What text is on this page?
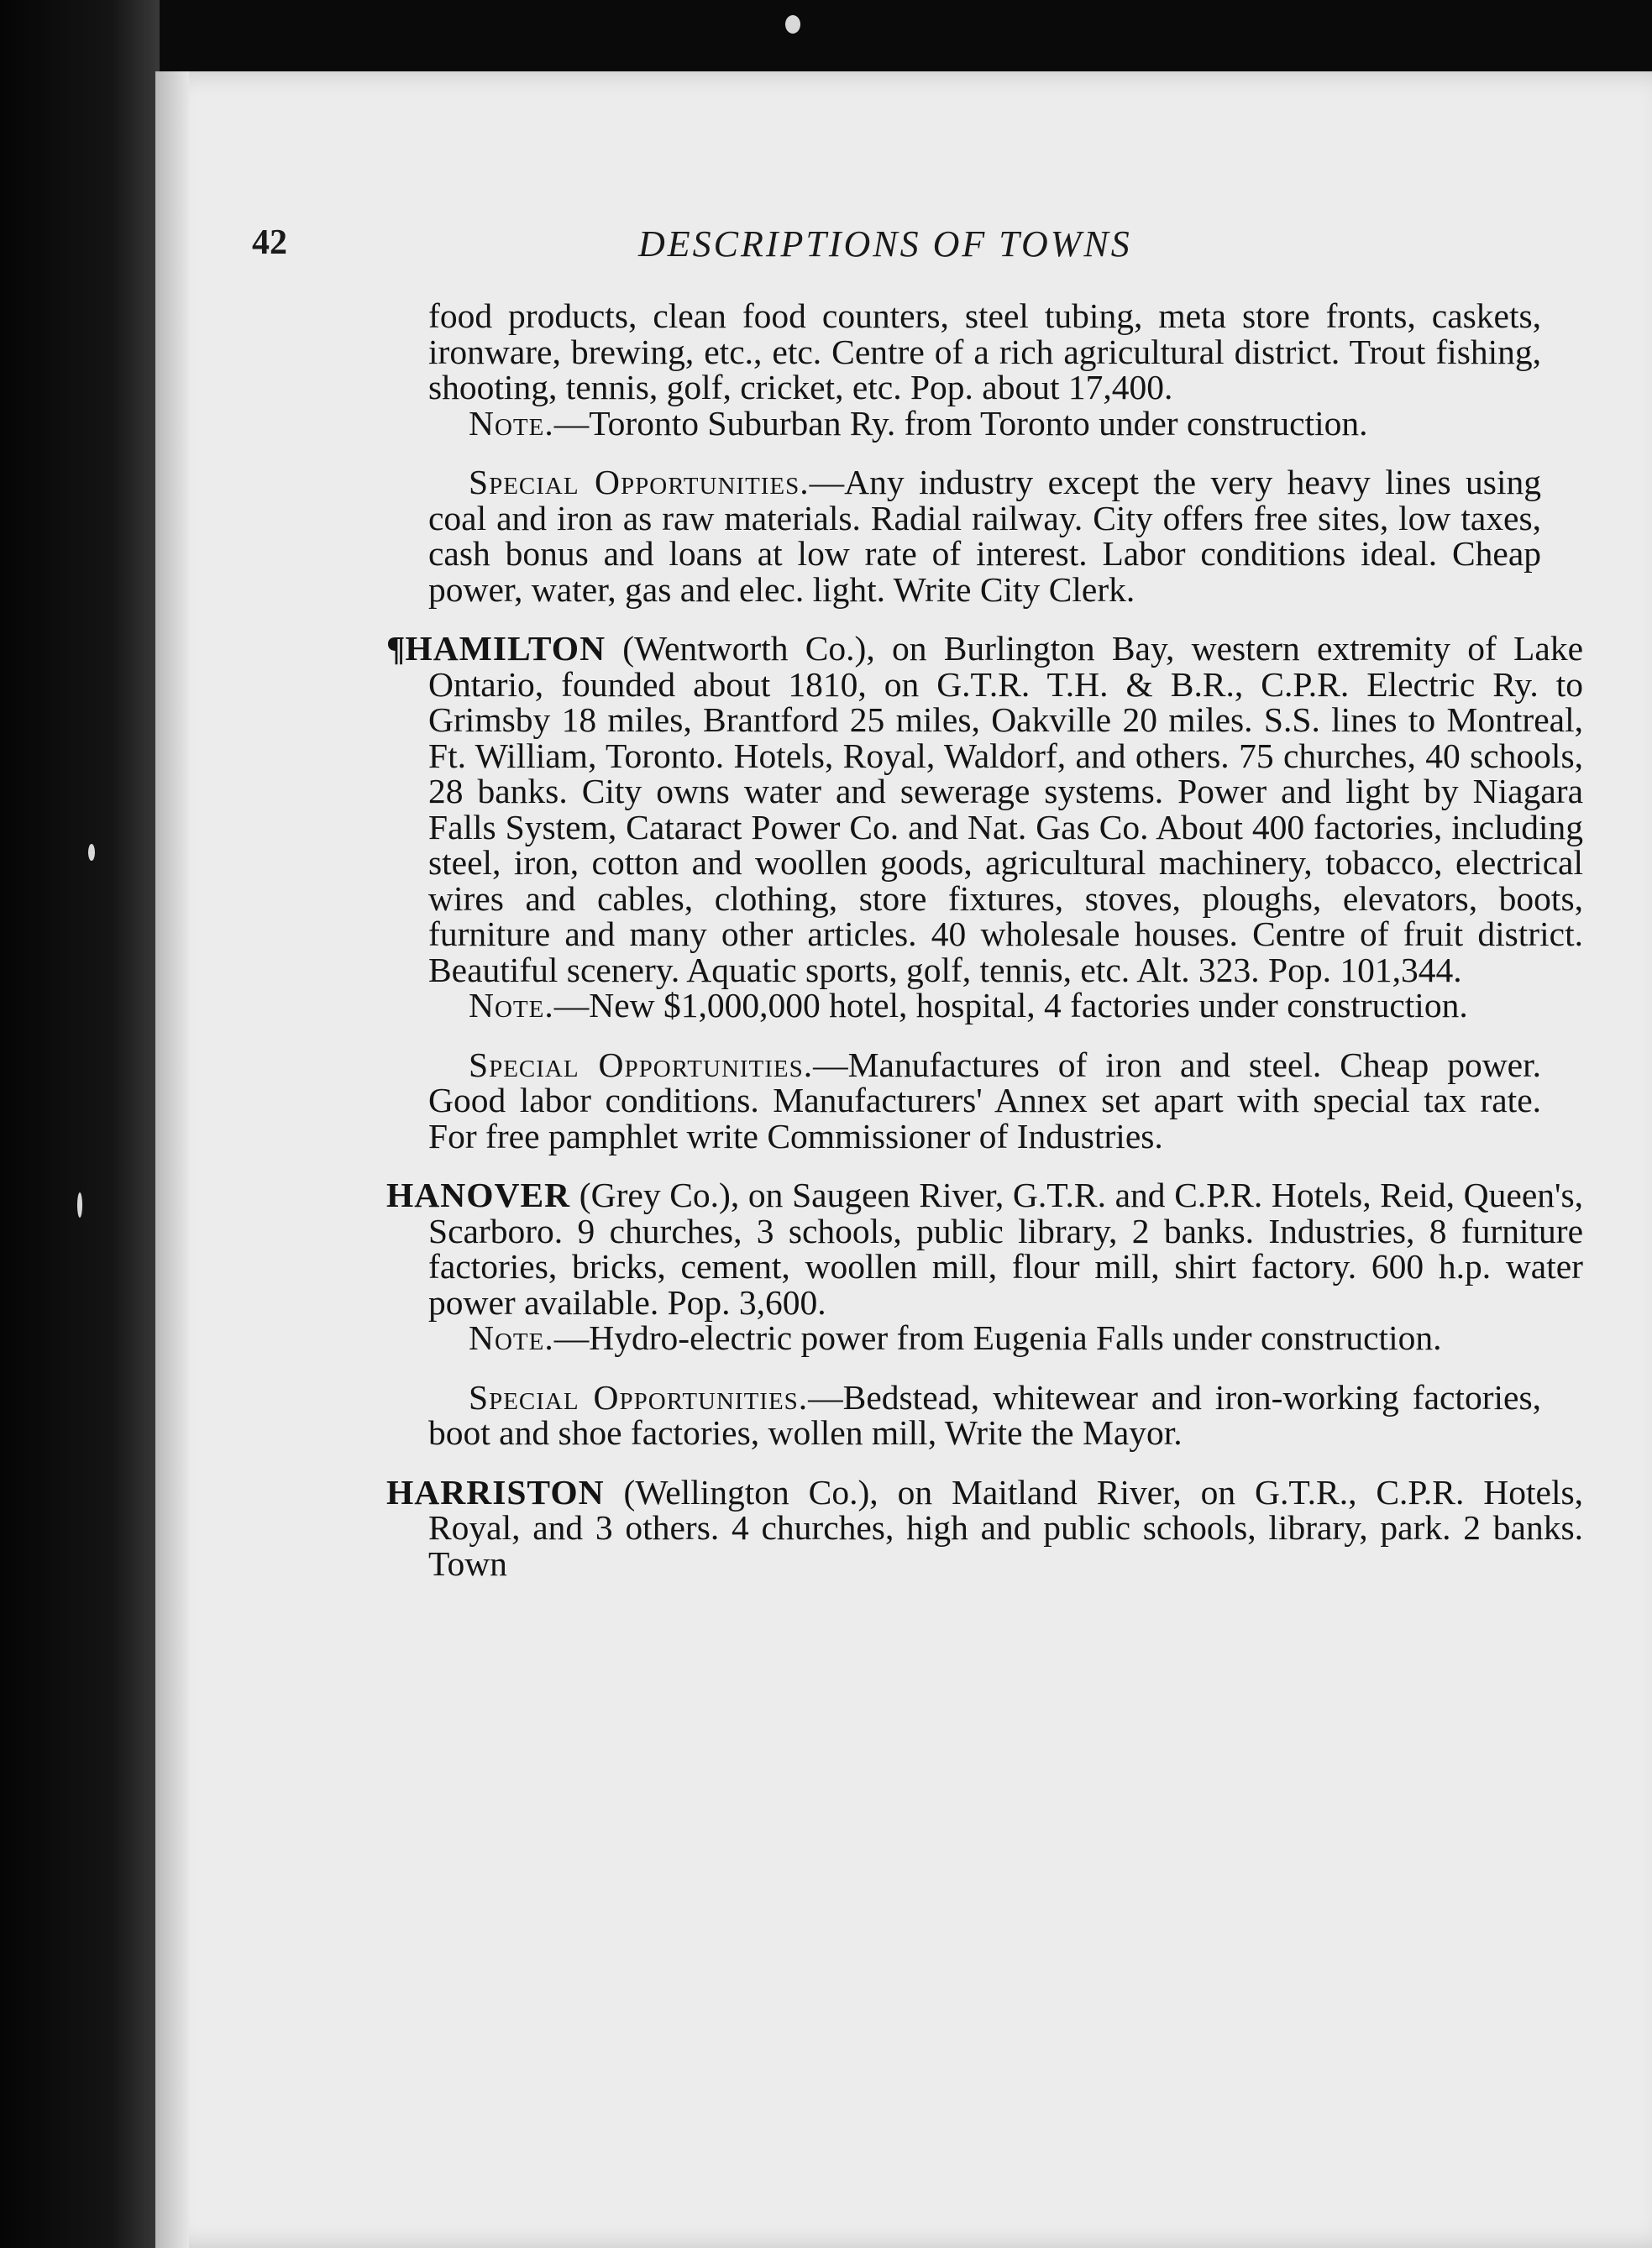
42	DESCRIPTIONS OF TOWNS

food products, clean food counters, steel tubing, meta store fronts, caskets, ironware, brewing, etc., etc. Centre of a rich agricultural district. Trout fishing, shooting, tennis, golf, cricket, etc. Pop. about 17,400.

Note.—Toronto Suburban Ry. from Toronto under construction.

Special Opportunities.—Any industry except the very heavy lines using coal and iron as raw materials. Radial railway. City offers free sites, low taxes, cash bonus and loans at low rate of interest. Labor conditions ideal. Cheap power, water, gas and elec. light. Write City Clerk.

¶HAMILTON (Wentworth Co.), on Burlington Bay, western extremity of Lake Ontario, founded about 1810, on G.T.R. T.H. & B.R., C.P.R. Electric Ry. to Grimsby 18 miles, Brantford 25 miles, Oakville 20 miles. S.S. lines to Montreal, Ft. William, Toronto. Hotels, Royal, Waldorf, and others. 75 churches, 40 schools, 28 banks. City owns water and sewerage systems. Power and light by Niagara Falls System, Cataract Power Co. and Nat. Gas Co. About 400 factories, including steel, iron, cotton and woollen goods, agricultural machinery, tobacco, electrical wires and cables, clothing, store fixtures, stoves, ploughs, elevators, boots, furniture and many other articles. 40 wholesale houses. Centre of fruit district. Beautiful scenery. Aquatic sports, golf, tennis, etc. Alt. 323. Pop. 101,344.

Note.—New $1,000,000 hotel, hospital, 4 factories under construction.

Special Opportunities.—Manufactures of iron and steel. Cheap power. Good labor conditions. Manufacturers' Annex set apart with special tax rate. For free pamphlet write Commissioner of Industries.

HANOVER (Grey Co.), on Saugeen River, G.T.R. and C.P.R. Hotels, Reid, Queen's, Scarboro. 9 churches, 3 schools, public library, 2 banks. Industries, 8 furniture factories, bricks, cement, woollen mill, flour mill, shirt factory. 600 h.p. water power available. Pop. 3,600.

Note.—Hydro-electric power from Eugenia Falls under construction.

Special Opportunities.—Bedstead, whitewear and iron-working factories, boot and shoe factories, wollen mill, Write the Mayor.

HARRISTON (Wellington Co.), on Maitland River, on G.T.R., C.P.R. Hotels, Royal, and 3 others. 4 churches, high and public schools, library, park. 2 banks. Town
